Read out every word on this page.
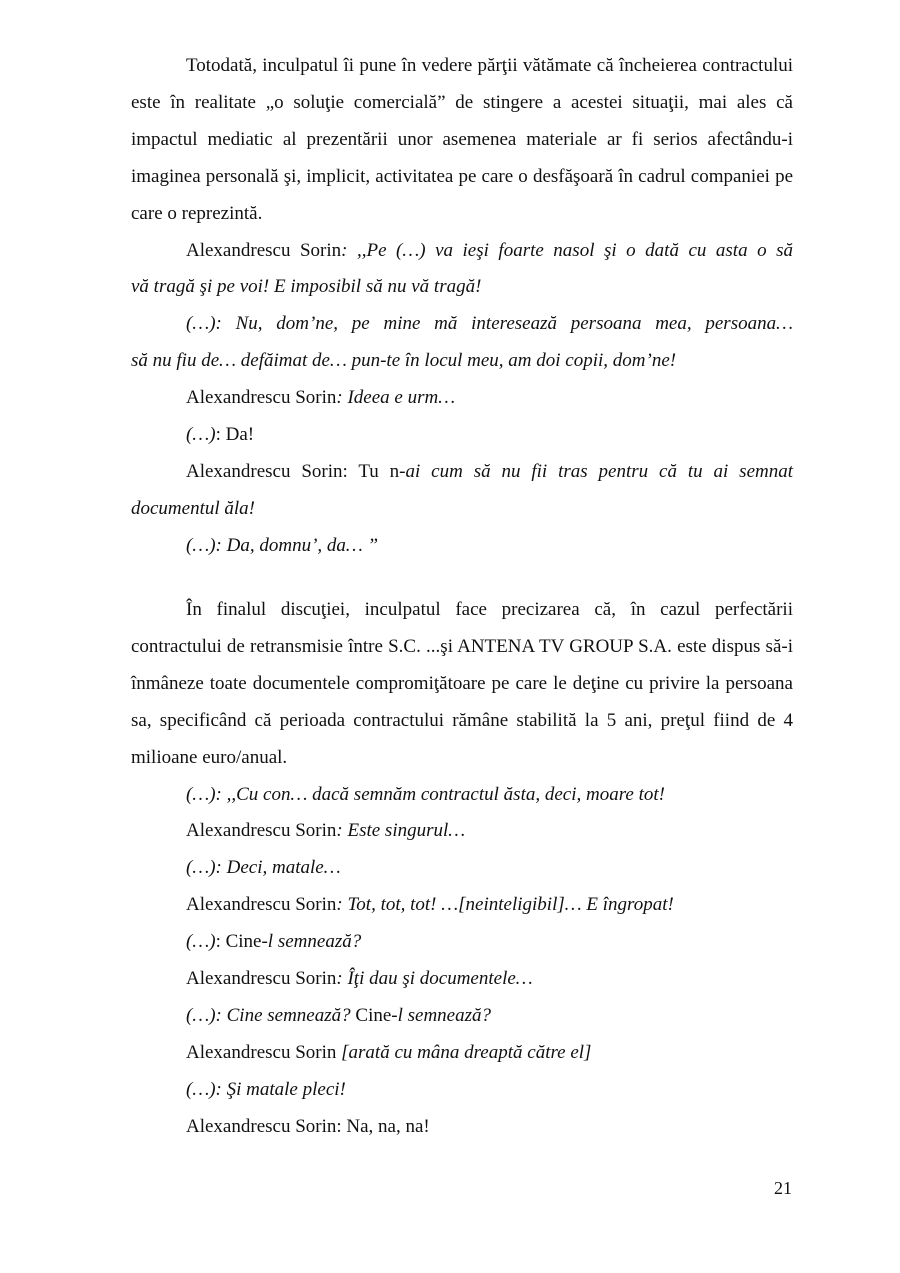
Totodată, inculpatul îi pune în vedere părţii vătămate că încheierea contractului este în realitate „o soluţie comercială” de stingere a acestei situaţii, mai ales că impactul mediatic al prezentării unor asemenea materiale ar fi serios afectându-i imaginea personală şi, implicit, activitatea pe care o desfăşoară în cadrul companiei pe care o reprezintă.

Alexandrescu Sorin: ,,Pe (…) va ieşi foarte nasol şi o dată cu asta o să

vă tragă şi pe voi! E imposibil să nu vă tragă!

(…): Nu, dom’ne, pe mine mă interesează persoana mea, persoana…

să nu fiu de… defăimat de… pun-te în locul meu, am doi copii, dom’ne!

Alexandrescu Sorin: Ideea e urm…

(…): Da!

Alexandrescu Sorin: Tu n-ai cum să nu fii tras pentru că tu ai semnat

documentul ăla!

(…): Da, domnu’, da… ”

În finalul discuţiei, inculpatul face precizarea că, în cazul perfectării contractului de retransmisie între S.C. ...şi ANTENA TV GROUP S.A. este dispus să-i înmâneze toate documentele compromiţătoare pe care le deţine cu privire la persoana sa, specificând că perioada contractului rămâne stabilită la 5 ani, preţul fiind de 4 milioane euro/anual.

(…): ,,Cu con… dacă semnăm contractul ăsta, deci, moare tot!

Alexandrescu Sorin: Este singurul…

(…): Deci, matale…

Alexandrescu Sorin: Tot, tot, tot! …[neinteligibil]… E îngropat!

(…): Cine-l semnează?

Alexandrescu Sorin: Îţi dau şi documentele…

(…): Cine semnează? Cine-l semnează?

Alexandrescu Sorin [arată cu mâna dreaptă către el]

(…): Şi matale pleci!

Alexandrescu Sorin: Na, na, na!

21
